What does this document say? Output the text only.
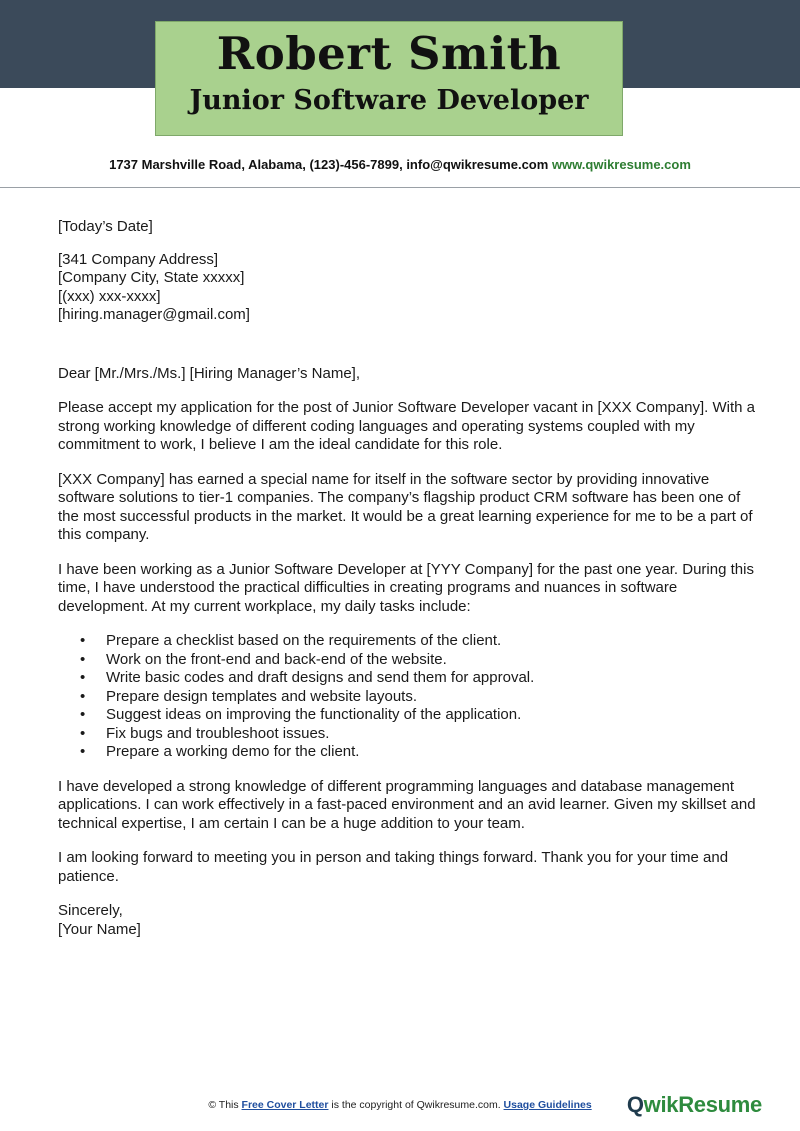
Robert Smith
Junior Software Developer
1737 Marshville Road, Alabama, (123)-456-7899, info@qwikresume.com www.qwikresume.com

[Today’s Date]

[341 Company Address]

[Company City, State xxxxx]

[(xxx) xxx-xxxx]

[hiring.manager@gmail.com]

Dear [Mr./Mrs./Ms.] [Hiring Manager’s Name],

Please accept my application for the post of Junior Software Developer vacant in [XXX Company]. With a strong working knowledge of different coding languages and operating systems coupled with my commitment to work, I believe I am the ideal candidate for this role.

[XXX Company] has earned a special name for itself in the software sector by providing innovative software solutions to tier-1 companies. The company’s flagship product CRM software has been one of the most successful products in the market. It would be a great learning experience for me to be a part of this company.

I have been working as a Junior Software Developer at [YYY Company] for the past one year. During this time, I have understood the practical difficulties in creating programs and nuances in software development. At my current workplace, my daily tasks include:

• Prepare a checklist based on the requirements of the client.
• Work on the front-end and back-end of the website.
• Write basic codes and draft designs and send them for approval.
• Prepare design templates and website layouts.
• Suggest ideas on improving the functionality of the application.
• Fix bugs and troubleshoot issues.
• Prepare a working demo for the client.

I have developed a strong knowledge of different programming languages and database management applications. I can work effectively in a fast-paced environment and an avid learner. Given my skillset and technical expertise, I am certain I can be a huge addition to your team.

I am looking forward to meeting you in person and taking things forward. Thank you for your time and patience.

Sincerely,

[Your Name]

© This Free Cover Letter is the copyright of Qwikresume.com. Usage Guidelines	QwikResume
